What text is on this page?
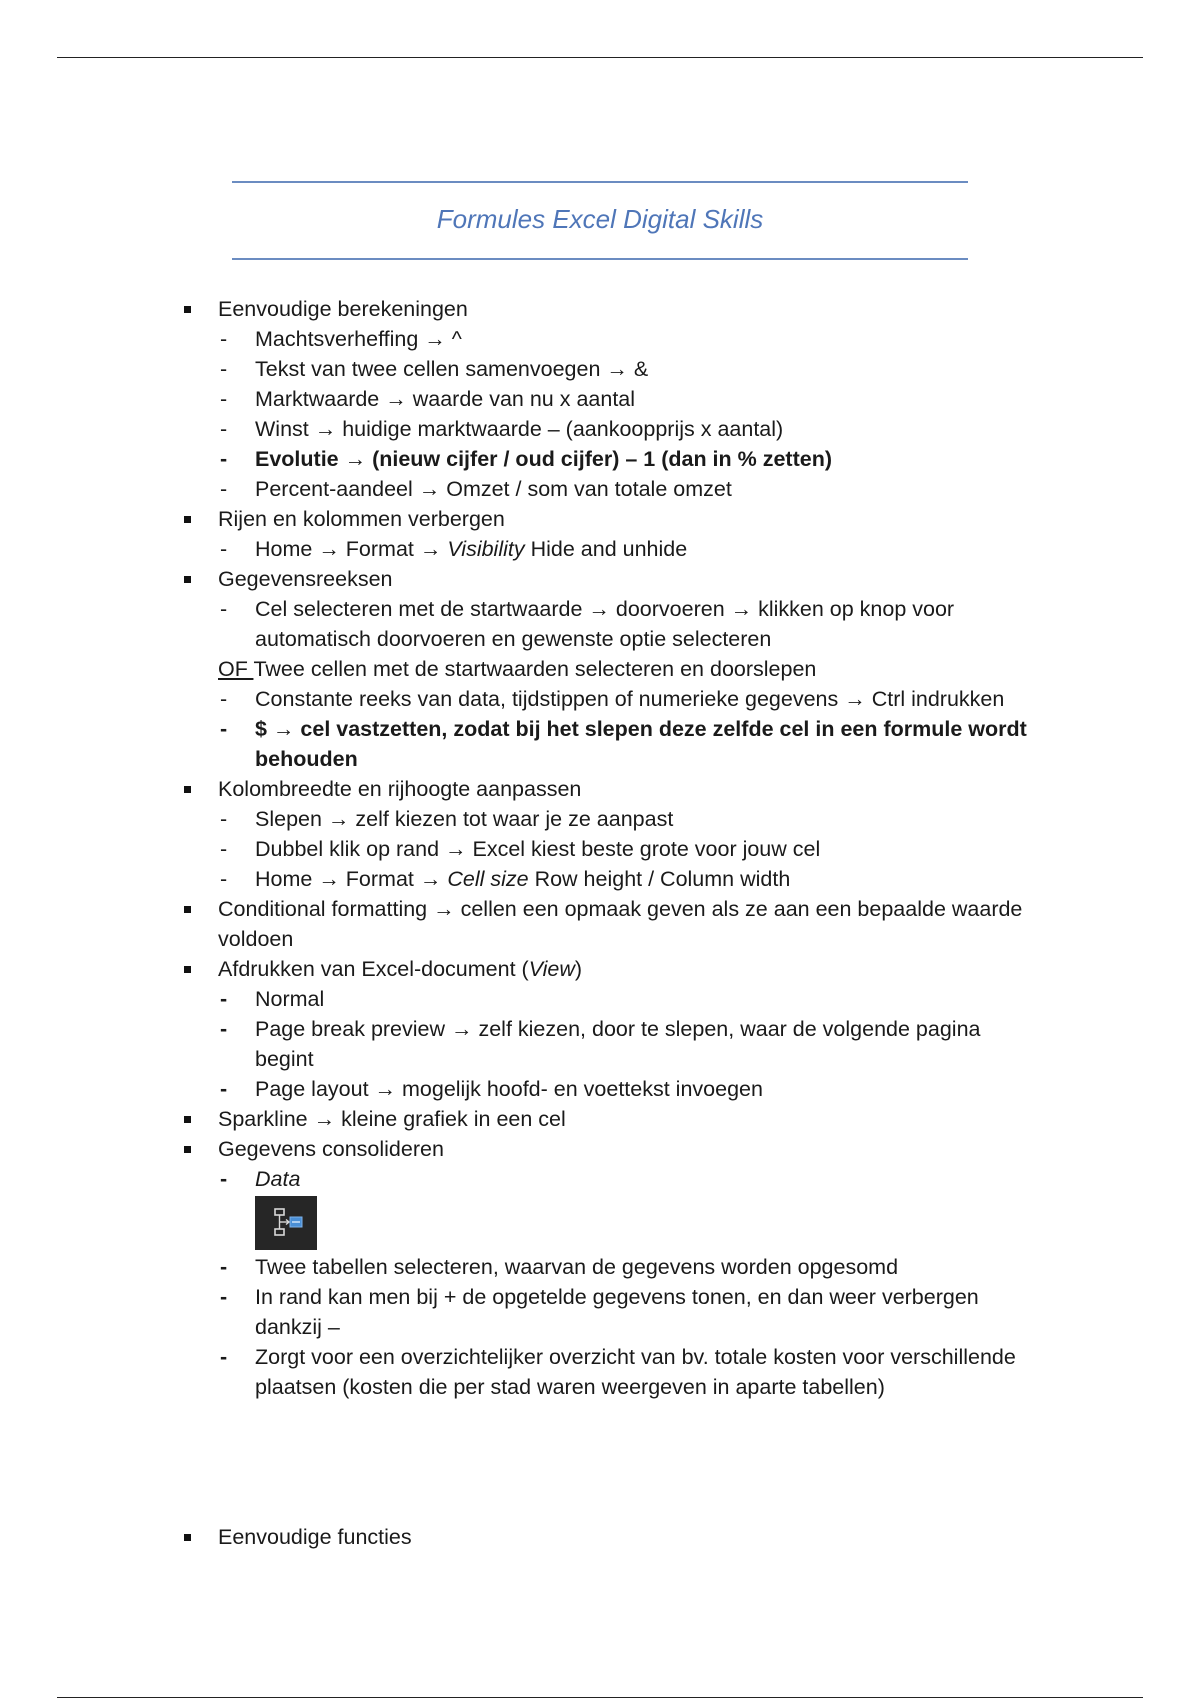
Formules Excel Digital Skills
Eenvoudige berekeningen
- Machtsverheffing → ^
- Tekst van twee cellen samenvoegen → &
- Marktwaarde → waarde van nu x aantal
- Winst → huidige marktwaarde – (aankoopprijs x aantal)
- Evolutie → (nieuw cijfer / oud cijfer) – 1 (dan in % zetten)
- Percent-aandeel → Omzet / som van totale omzet
Rijen en kolommen verbergen
- Home → Format → Visibility Hide and unhide
Gegevensreeksen
- Cel selecteren met de startwaarde → doorvoeren → klikken op knop voor
automatisch doorvoeren en gewenste optie selecteren
OF Twee cellen met de startwaarden selecteren en doorslepen
- Constante reeks van data, tijdstippen of numerieke gegevens → Ctrl indrukken
- $ → cel vastzetten, zodat bij het slepen deze zelfde cel in een formule wordt
behouden
Kolombreedte en rijhoogte aanpassen
- Slepen → zelf kiezen tot waar je ze aanpast
- Dubbel klik op rand → Excel kiest beste grote voor jouw cel
- Home → Format → Cell size Row height / Column width
Conditional formatting → cellen een opmaak geven als ze aan een bepaalde waarde
voldoen
Afdrukken van Excel-document (View)
- Normal
- Page break preview → zelf kiezen, door te slepen, waar de volgende pagina
begint
- Page layout → mogelijk hoofd- en voettekst invoegen
Sparkline → kleine grafiek in een cel
Gegevens consolideren
- Data
- Twee tabellen selecteren, waarvan de gegevens worden opgesomd
- In rand kan men bij + de opgetelde gegevens tonen, en dan weer verbergen
dankzij –
- Zorgt voor een overzichtelijker overzicht van bv. totale kosten voor verschillende
plaatsen (kosten die per stad waren weergeven in aparte tabellen)
Eenvoudige functies
